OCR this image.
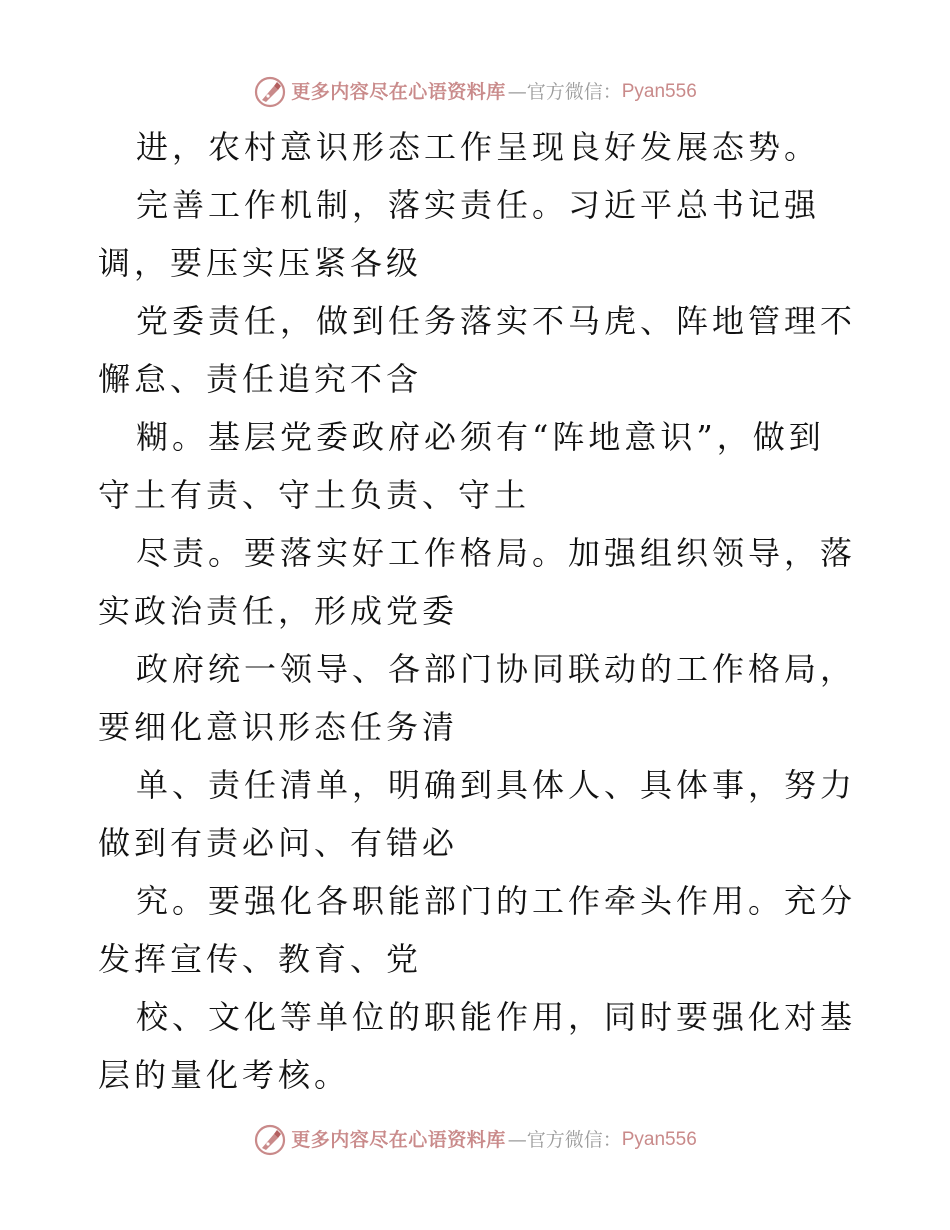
更多内容尽在心语资料库 —官方微信： Pyan556

进，农村意识形态工作呈现良好发展态势。

完善工作机制，落实责任。习近平总书记强调，要压实压紧各级

党委责任，做到任务落实不马虎、阵地管理不懈怠、责任追究不含

糊。基层党委政府必须有“阵地意识”，做到守土有责、守土负责、守土

尽责。要落实好工作格局。加强组织领导，落实政治责任，形成党委

政府统一领导、各部门协同联动的工作格局，要细化意识形态任务清

单、责任清单，明确到具体人、具体事，努力做到有责必问、有错必

究。要强化各职能部门的工作牵头作用。充分发挥宣传、教育、党

校、文化等单位的职能作用，同时要强化对基层的量化考核。

更多内容尽在心语资料库 —官方微信： Pyan556
